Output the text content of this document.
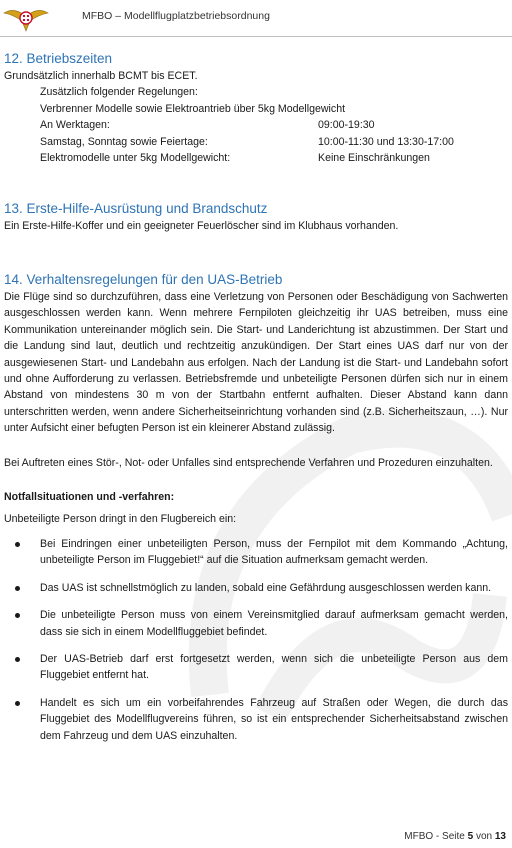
MFBO – Modellflugplatzbetriebsordnung
12. Betriebszeiten

Grundsätzlich innerhalb BCMT bis ECET.

Zusätzlich folgender Regelungen:

Verbrenner Modelle sowie Elektroantrieb über 5kg Modellgewicht

An Werktagen:	09:00-19:30
Samstag, Sonntag sowie Feiertage:	10:00-11:30 und 13:30-17:00
Elektromodelle unter 5kg Modellgewicht:	Keine Einschränkungen
13. Erste-Hilfe-Ausrüstung und Brandschutz

Ein Erste-Hilfe-Koffer und ein geeigneter Feuerlöscher sind im Klubhaus vorhanden.

14. Verhaltensregelungen für den UAS-Betrieb

Die Flüge sind so durchzuführen, dass eine Verletzung von Personen oder Beschädigung von Sachwerten ausgeschlossen werden kann. Wenn mehrere Fernpiloten gleichzeitig ihr UAS betreiben, muss eine Kommunikation untereinander möglich sein. Die Start- und Landerichtung ist abzustimmen. Der Start und die Landung sind laut, deutlich und rechtzeitig anzukündigen. Der Start eines UAS darf nur von der ausgewiesenen Start- und Landebahn aus erfolgen. Nach der Landung ist die Start- und Landebahn sofort und ohne Aufforderung zu verlassen. Betriebsfremde und unbeteiligte Personen dürfen sich nur in einem Abstand von mindestens 30 m von der Startbahn entfernt aufhalten. Dieser Abstand kann dann unterschritten werden, wenn andere Sicherheitseinrichtung vorhanden sind (z.B. Sicherheitszaun, …). Nur unter Aufsicht einer befugten Person ist ein kleinerer Abstand zulässig.

Bei Auftreten eines Stör-, Not- oder Unfalles sind entsprechende Verfahren und Prozeduren einzuhalten.

Notfallsituationen und -verfahren:

Unbeteiligte Person dringt in den Flugbereich ein:

Bei Eindringen einer unbeteiligten Person, muss der Fernpilot mit dem Kommando „Achtung, unbeteiligte Person im Fluggebiet!“ auf die Situation aufmerksam gemacht werden.
Das UAS ist schnellstmöglich zu landen, sobald eine Gefährdung ausgeschlossen werden kann.
Die unbeteiligte Person muss von einem Vereinsmitglied darauf aufmerksam gemacht werden, dass sie sich in einem Modellfluggebiet befindet.
Der UAS-Betrieb darf erst fortgesetzt werden, wenn sich die unbeteiligte Person aus dem Fluggebiet entfernt hat.
Handelt es sich um ein vorbeifahrendes Fahrzeug auf Straßen oder Wegen, die durch das Fluggebiet des Modellflugvereins führen, so ist ein entsprechender Sicherheitsabstand zwischen dem Fahrzeug und dem UAS einzuhalten.
MFBO - Seite 5 von 13
